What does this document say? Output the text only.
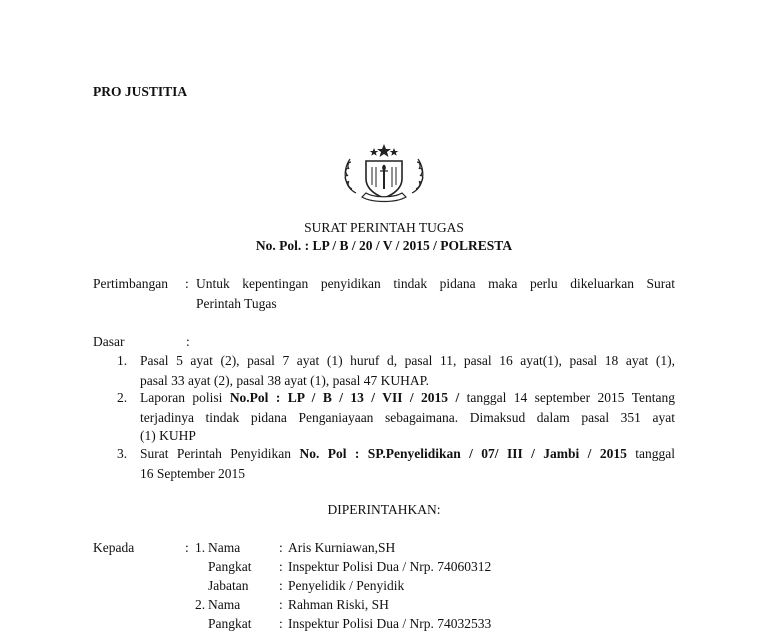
PRO JUSTITIA
SURAT PERINTAH TUGAS
No. Pol. : LP / B / 20 / V / 2015 / POLRESTA
Pertimbangan : Untuk kepentingan penyidikan tindak pidana maka perlu dikeluarkan Surat
Perintah Tugas
Dasar	:
1. Pasal 5 ayat (2), pasal 7 ayat (1) huruf d, pasal 11, pasal 16 ayat(1), pasal 18 ayat (1),
pasal 33 ayat (2), pasal 38 ayat (1), pasal 47 KUHAP.
2. Laporan polisi No.Pol : LP / B / 13 / VII / 2015 / tanggal 14 september 2015 Tentang
terjadinya tindak pidana Penganiayaan sebagaimana. Dimaksud dalam pasal 351 ayat
(1) KUHP
3. Surat Perintah Penyidikan No. Pol : SP.Penyelidikan / 07/ III / Jambi / 2015 tanggal
16 September 2015
DIPERINTAHKAN:
Kepada	: 1. Nama	: Aris Kurniawan,SH
Pangkat : Inspektur Polisi Dua / Nrp. 74060312
Jabatan : Penyelidik / Penyidik
2. Nama	: Rahman Riski, SH
Pangkat : Inspektur Polisi Dua / Nrp. 74032533
